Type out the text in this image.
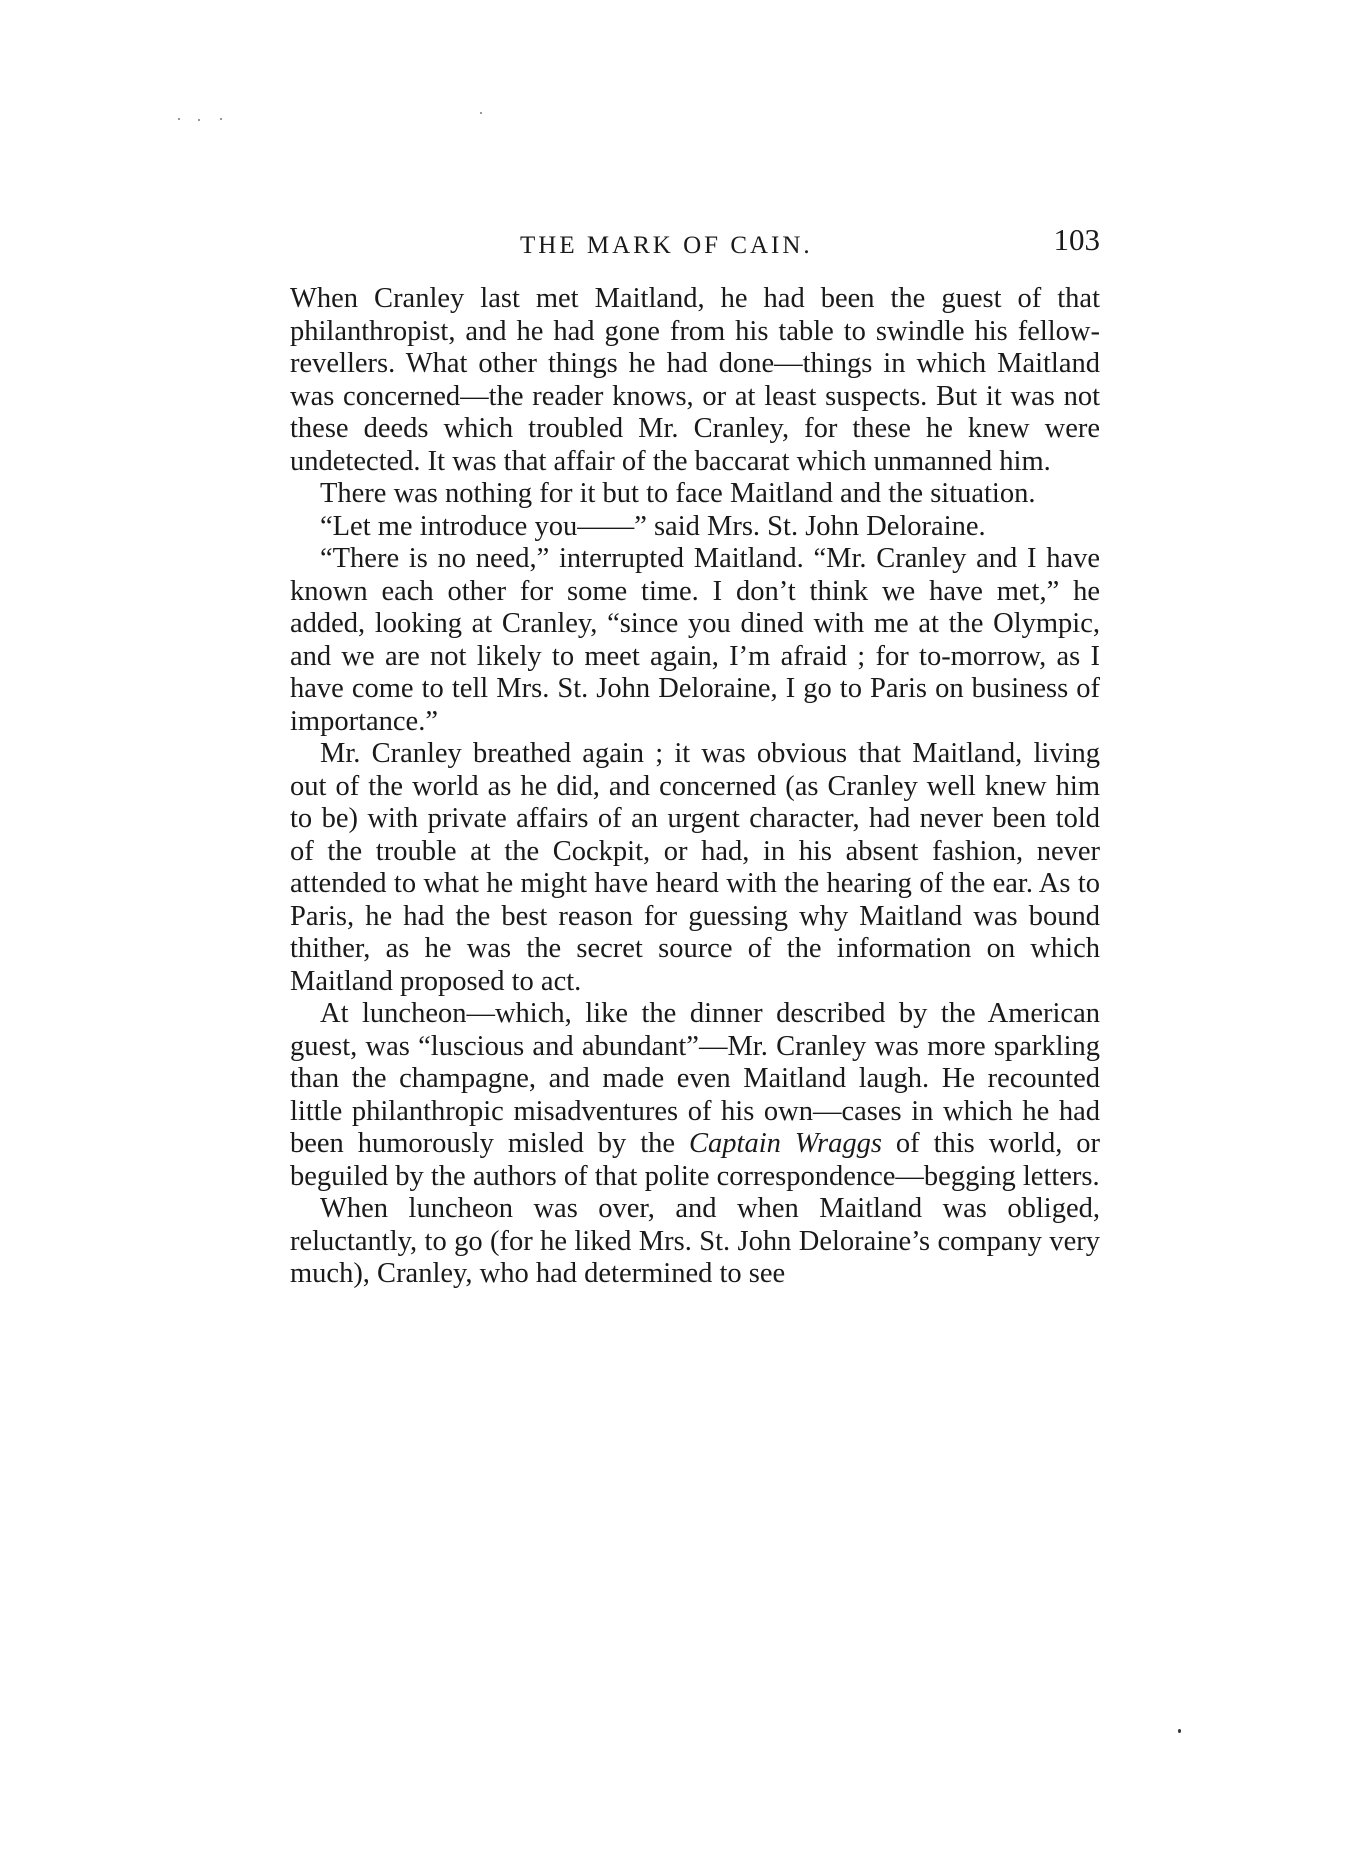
THE MARK OF CAIN.	103

When Cranley last met Maitland, he had been the guest of that philanthropist, and he had gone from his table to swindle his fellow-revellers. What other things he had done—things in which Maitland was concerned—the reader knows, or at least suspects. But it was not these deeds which troubled Mr. Cranley, for these he knew were undetected. It was that affair of the baccarat which unmanned him.

There was nothing for it but to face Maitland and the situation.

“Let me introduce you——” said Mrs. St. John Deloraine.

“There is no need,” interrupted Maitland. “Mr. Cranley and I have known each other for some time. I don’t think we have met,” he added, looking at Cranley, “since you dined with me at the Olympic, and we are not likely to meet again, I’m afraid ; for to-morrow, as I have come to tell Mrs. St. John Deloraine, I go to Paris on business of importance.”

Mr. Cranley breathed again ; it was obvious that Maitland, living out of the world as he did, and concerned (as Cranley well knew him to be) with private affairs of an urgent character, had never been told of the trouble at the Cockpit, or had, in his absent fashion, never attended to what he might have heard with the hearing of the ear. As to Paris, he had the best reason for guessing why Maitland was bound thither, as he was the secret source of the information on which Maitland proposed to act.

At luncheon—which, like the dinner described by the American guest, was “luscious and abundant”—Mr. Cranley was more sparkling than the champagne, and made even Maitland laugh. He recounted little philanthropic misadventures of his own—cases in which he had been humorously misled by the Captain Wraggs of this world, or beguiled by the authors of that polite correspondence—begging letters.

When luncheon was over, and when Maitland was obliged, reluctantly, to go (for he liked Mrs. St. John Deloraine’s company very much), Cranley, who had determined to see
